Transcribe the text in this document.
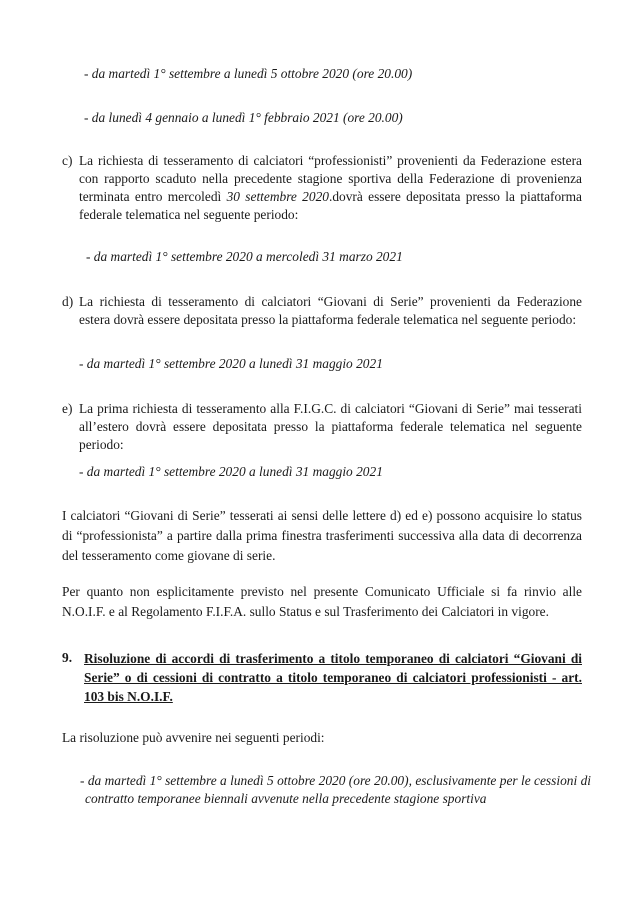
- da martedì 1° settembre a lunedì 5 ottobre 2020 (ore 20.00)
- da lunedì 4 gennaio a lunedì 1° febbraio 2021 (ore 20.00)
c) La richiesta di tesseramento di calciatori “professionisti” provenienti da Federazione estera con rapporto scaduto nella precedente stagione sportiva della Federazione di provenienza terminata entro mercoledì 30 settembre 2020.dovrà essere depositata presso la piattaforma federale telematica nel seguente periodo:
- da martedì 1° settembre 2020 a mercoledì 31 marzo 2021
d) La richiesta di tesseramento di calciatori “Giovani di Serie” provenienti da Federazione estera dovrà essere depositata presso la piattaforma federale telematica nel seguente periodo:
- da martedì 1° settembre 2020 a lunedì 31 maggio 2021
e) La prima richiesta di tesseramento alla F.I.G.C. di calciatori “Giovani di Serie” mai tesserati all’estero dovrà essere depositata presso la piattaforma federale telematica nel seguente periodo:
- da martedì 1° settembre 2020 a lunedì 31 maggio 2021
I calciatori “Giovani di Serie” tesserati ai sensi delle lettere d) ed e) possono acquisire lo status di “professionista” a partire dalla prima finestra trasferimenti successiva alla data di decorrenza del tesseramento come giovane di serie.
Per quanto non esplicitamente previsto nel presente Comunicato Ufficiale si fa rinvio alle N.O.I.F. e al Regolamento F.I.F.A. sullo Status e sul Trasferimento dei Calciatori in vigore.
9. Risoluzione di accordi di trasferimento a titolo temporaneo di calciatori “Giovani di Serie” o di cessioni di contratto a titolo temporaneo di calciatori professionisti - art. 103 bis N.O.I.F.
La risoluzione può avvenire nei seguenti periodi:
- da martedì 1° settembre a lunedì 5 ottobre 2020 (ore 20.00), esclusivamente per le cessioni di contratto temporanee biennali avvenute nella precedente stagione sportiva
